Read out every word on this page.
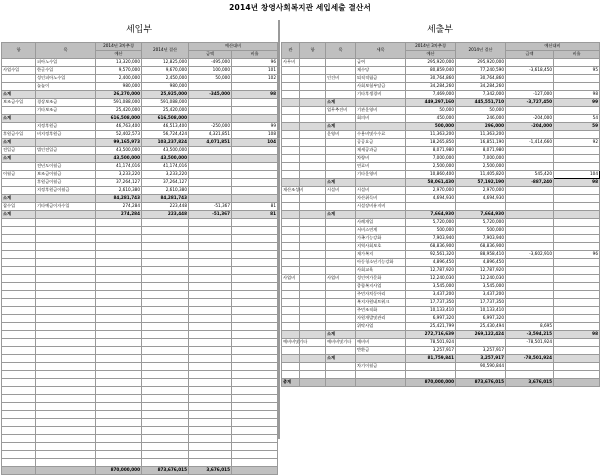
2014년 창영사회복지관 세입세출 결산서
세입부	세출부
항	목	2014년 3차추경	2014년 결산	예산대비	
		예산		금액	비율
	피아노수입	13,320,000	12,825,000	-495,000	96
사업수입	한글수입	9,570,000	9,670,000	100,000	101
	성인피아노수입	2,400,000	2,450,000	50,000	102
	놀늘이	980,000	980,000		
소계		26,270,000	25,925,000	-345,000	98
보조금수입	경상보조금	591,088,000	591,088,000		
	기타보조금	25,420,000	25,420,000		
소계		616,508,000	616,508,000		
	지정후원금	46,763,400	46,513,400	-250,000	99
후원금수입	비지정후원금	52,402,573	56,724,424	4,321,851	108
소계		99,165,973	103,237,824	4,071,851	104
전입금	법인전입금	43,500,000	43,500,000		
소계		43,500,000	43,500,000		
	전년도이월금	41,174,016	41,174,016		
이월금	보조금이월금	3,233,220	3,233,220		
	후원금이월금	37,264,127	37,264,127		
	지정후원금이월금	2,610,380	2,610,380		
소계		84,281,743	84,281,743		
잡수입	기타예금이자수입	274,284	223,448	-51,367	81
소계		274,284	223,448	-51,367	81

		870,000,000	873,676,015	3,676,015	
관	항	목	세목	2014년 3차추경	2014년 결산	예산대비	
				예산		금액	비율
사무비			급여	295,920,000	295,920,000		
			제수당	80,859,040	77,240,590	-3,618,450	95
		인건비	퇴직적립금	30,764,860	30,764,860		
			사회보험부담금	34,284,260	34,284,260		
			기타후생경비	7,469,000	7,342,000	-127,000	98
		소계		449,297,160	445,551,710	-3,727,450	99
		업무추진비	기관운영비	50,000	50,000		
			회의비	450,000	246,000	-204,000	54
		소계		500,000	296,000	-204,000	59
		운영비	수용비및수수료	11,363,200	11,363,200		
			공공요금	18,265,850	16,851,190	-1,414,660	92
			제세공과금	8,071,980	8,071,980		
			차량비	7,000,000	7,000,000		
			연료비	2,500,000	2,500,000		
			기타운영비	10,860,400	11,405,820	545,420	104
		소계		58,061,430	57,192,190	-887,240	98
재산조성비		시설비	시설비	2,970,000	2,970,000		
			자산취득비	4,694,930	4,694,930		
			시설장비유지비				
		소계		7,664,930	7,664,930		
			사례개입	5,720,000	5,720,000		
			서비스연계	500,000	500,000		
			가족기능강화	7,903,940	7,903,940		
			지역사회보호	68,836,900	68,836,900		
			재가복지	92,561,320	88,958,410	-3,602,910	96
			아동청소년기능강화	4,896,450	4,896,450		
			사회교육	12,787,920	12,787,920		
사업비		사업비	성인여가문화	12,240,030	12,240,030		
			종합복지사업	3,545,000	3,545,000		
			주민자치동아리	3,437,200	3,437,200		
			복지자원네트워크	17,737,350	17,737,350		
			주민조직화	10,133,410	10,133,410		
			자원개발및관리	6,997,320	6,997,320		
			위탁사업	25,421,799	25,430,494	8,695	
		소계		272,716,639	269,122,424	-3,594,215	98
예비비및기타		예비비및기타	예비비	78,501,924		-78,501,924	
			반환금	3,257,917	3,257,917		
		소계		81,759,841	3,257,917	-78,501,924	
			차기이월금		90,590,844		

총계				870,000,000	873,676,015	3,676,015	
